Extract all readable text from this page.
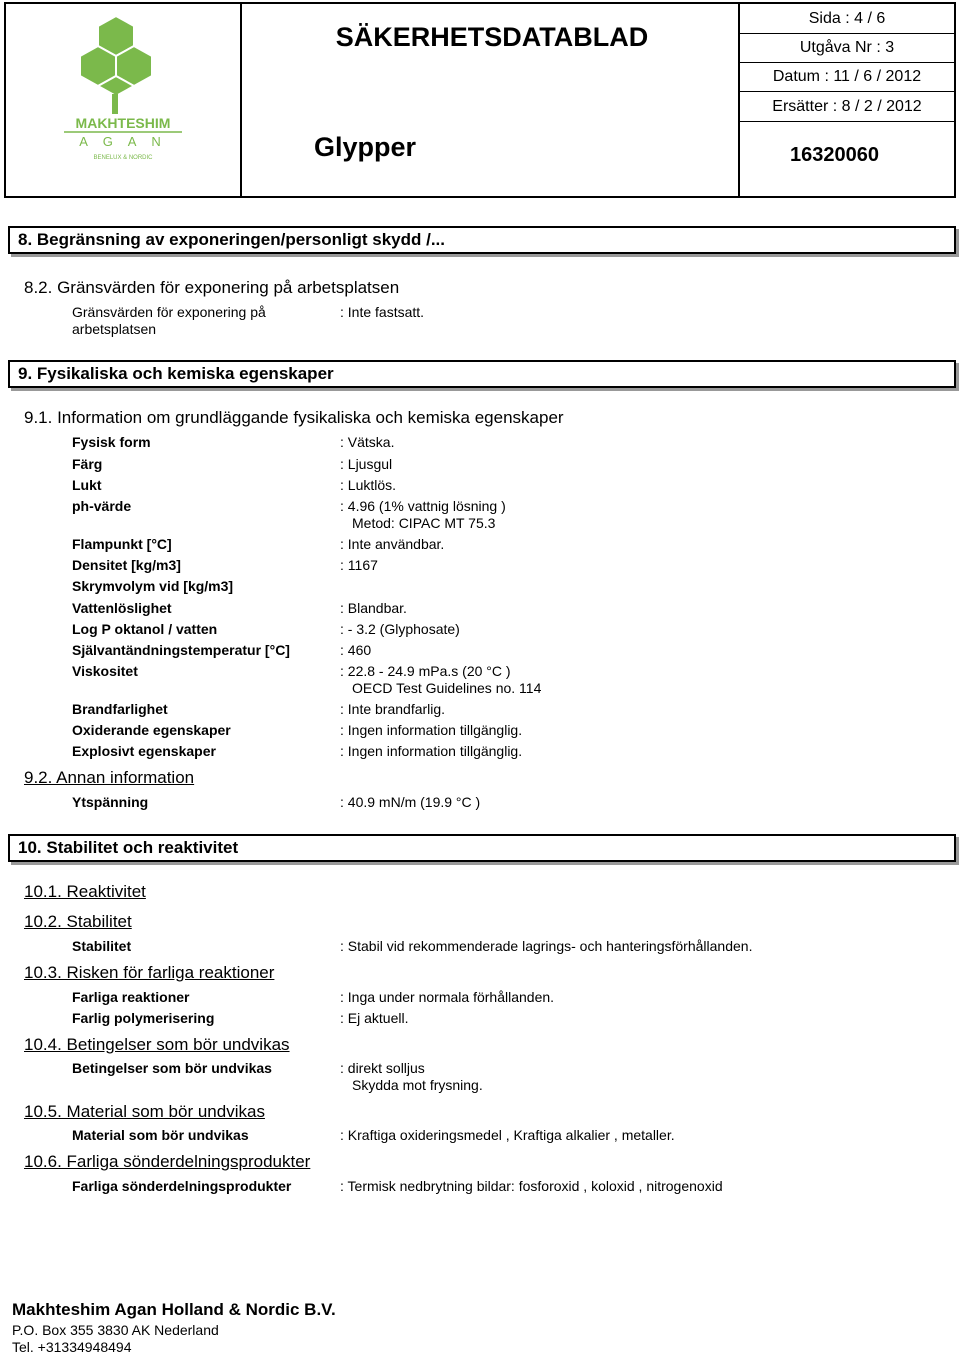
MAKHTESHIM
A G A N
BENELUX & NORDIC
SÄKERHETSDATABLAD
Glypper
Sida : 4 / 6
Utgåva Nr : 3
Datum : 11 / 6 / 2012
Ersätter : 8 / 2 / 2012
16320060
8. Begränsning av exponeringen/personligt skydd /...
8.2. Gränsvärden för exponering på arbetsplatsen
Gränsvärden för exponering på
arbetsplatsen
: Inte fastsatt.
9. Fysikaliska och kemiska egenskaper
9.1. Information om grundläggande fysikaliska och kemiska egenskaper
Fysisk form	: Vätska.
Färg	: Ljusgul
Lukt	: Luktlös.
ph-värde	: 4.96 (1% vattnig lösning )
Metod: CIPAC MT 75.3
Flampunkt [°C]	: Inte användbar.
Densitet [kg/m3]	: 1167
Skrymvolym vid [kg/m3]
Vattenlöslighet	: Blandbar.
Log P oktanol / vatten	: - 3.2 (Glyphosate)
Självantändningstemperatur [°C]	: 460
Viskositet	: 22.8 - 24.9 mPa.s (20 °C )
OECD Test Guidelines no. 114
Brandfarlighet	: Inte brandfarlig.
Oxiderande egenskaper	: Ingen information tillgänglig.
Explosivt egenskaper	: Ingen information tillgänglig.
9.2. Annan information
Ytspänning	: 40.9 mN/m (19.9 °C )
10. Stabilitet och reaktivitet
10.1. Reaktivitet
10.2. Stabilitet
Stabilitet	: Stabil vid rekommenderade lagrings- och hanteringsförhållanden.
10.3. Risken för farliga reaktioner
Farliga reaktioner	: Inga under normala förhållanden.
Farlig polymerisering	: Ej aktuell.
10.4. Betingelser som bör undvikas
Betingelser som bör undvikas	: direkt solljus
Skydda mot frysning.
10.5. Material som bör undvikas
Material som bör undvikas	: Kraftiga oxideringsmedel , Kraftiga alkalier , metaller.
10.6. Farliga sönderdelningsprodukter
Farliga sönderdelningsprodukter	: Termisk nedbrytning bildar: fosforoxid , koloxid , nitrogenoxid
Makhteshim Agan Holland & Nordic B.V.
P.O. Box 355 3830 AK Nederland
Tel. +31334948494
